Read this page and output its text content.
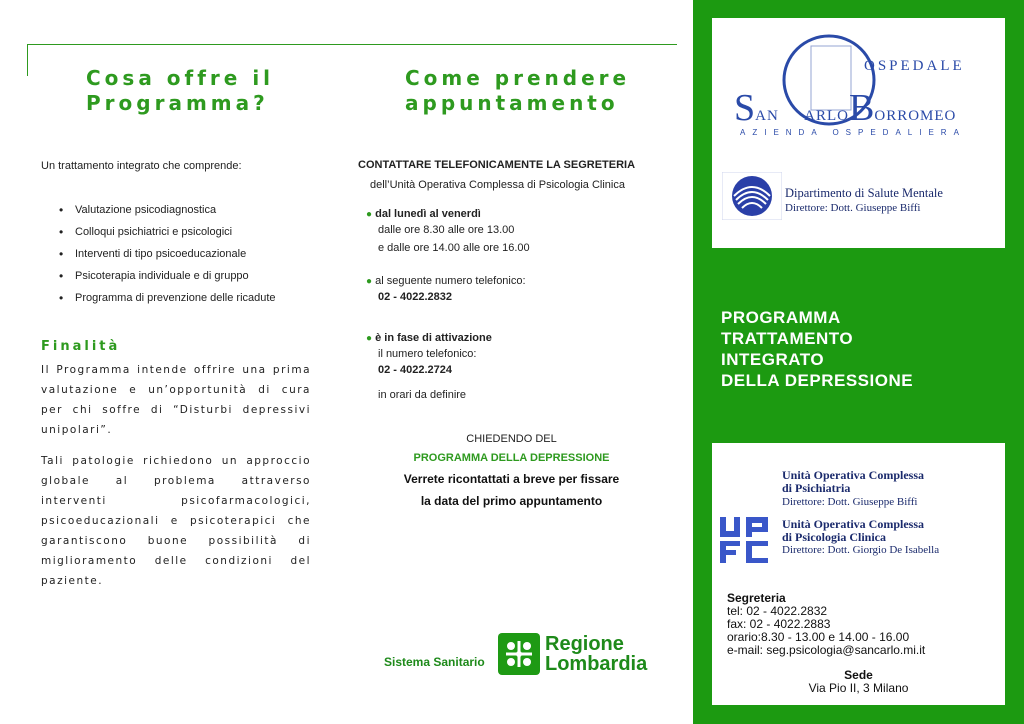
Cosa offre il
Programma?
Un trattamento integrato che comprende:
• Valutazione psicodiagnostica
• Colloqui psichiatrici e psicologici
• Interventi di tipo psicoeducazionale
• Psicoterapia individuale e di gruppo
• Programma di prevenzione delle ricadute
Finalità

Il Programma intende offrire una prima valutazione e un’opportunità di cura per chi soffre di “Disturbi depressivi unipolari”.

Tali patologie richiedono un approccio globale al problema attraverso interventi psicofarmacologici, psicoeducazionali e psicoterapici che garantiscono buone possibilità di miglioramento delle condizioni del paziente.

Come prendere
appuntamento
CONTATTARE TELEFONICAMENTE LA SEGRETERIA
dell’Unità Operativa Complessa di Psicologia Clinica
● dal lunedì al venerdì
dalle ore 8.30 alle ore 13.00
e dalle ore 14.00 alle ore 16.00
● al seguente numero telefonico:
02 - 4022.2832
● è in fase di attivazione
il numero telefonico:
02 - 4022.2724
in orari da definire
CHIEDENDO DEL
PROGRAMMA DELLA DEPRESSIONE
Verrete ricontattati a breve per fissare
la data del primo appuntamento
Sistema Sanitario
Regione
Lombardia
OSPEDALE
SAN ARLOBORROMEO
AZIENDA OSPEDALIERA
Dipartimento di Salute Mentale
Direttore: Dott. Giuseppe Biffi
PROGRAMMA
TRATTAMENTO
INTEGRATO
DELLA DEPRESSIONE
Unità Operativa Complessa
di Psichiatria
Direttore: Dott. Giuseppe Biffi
Unità Operativa Complessa
di Psicologia Clinica
Direttore: Dott. Giorgio De Isabella
Segreteria
tel: 02 - 4022.2832
fax: 02 - 4022.2883
orario:8.30 - 13.00 e 14.00 - 16.00
e-mail: seg.psicologia@sancarlo.mi.it
Sede
Via Pio II, 3 Milano
